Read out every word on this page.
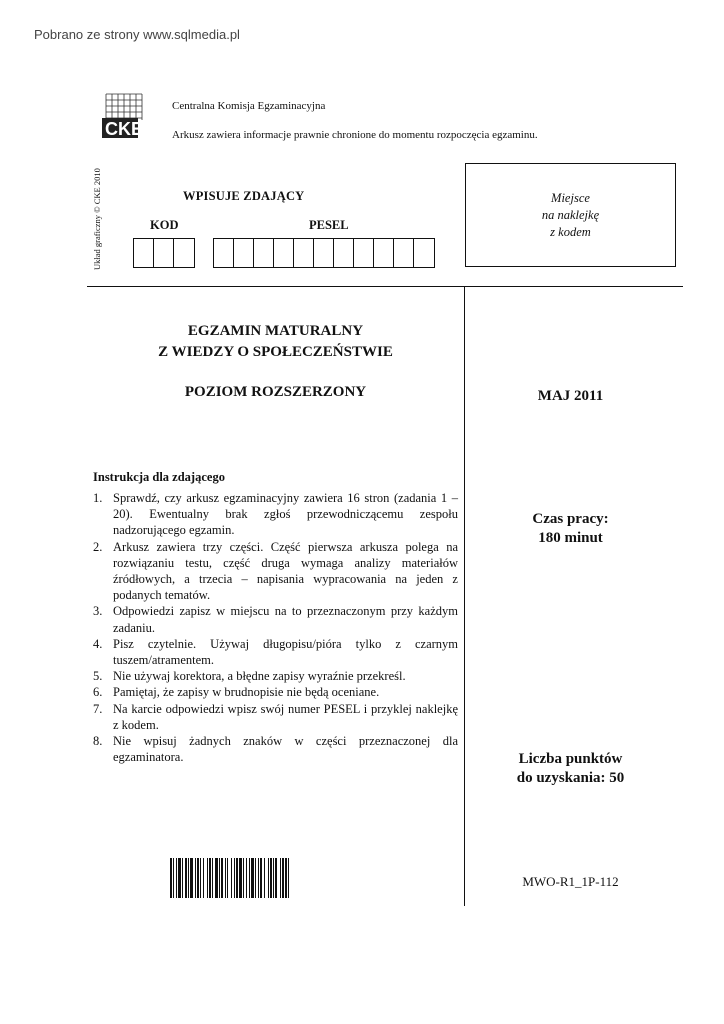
Pobrano ze strony www.sqlmedia.pl
CKE
Centralna Komisja Egzaminacyjna
Arkusz zawiera informacje prawnie chronione do momentu rozpoczęcia egzaminu.
Układ graficzny © CKE 2010	WPISUJE ZDAJĄCY
KOD	PESEL
Miejsce
na naklejkę
z kodem
EGZAMIN MATURALNY
Z WIEDZY O SPOŁECZEŃSTWIE
POZIOM ROZSZERZONY	MAJ 2011
Instrukcja dla zdającego
1. Sprawdź, czy arkusz egzaminacyjny zawiera 16 stron (zadania 1 – 20). Ewentualny brak zgłoś przewodniczącemu zespołu nadzorującego egzamin.
2. Arkusz zawiera trzy części. Część pierwsza arkusza polega na rozwiązaniu testu, część druga wymaga analizy materiałów źródłowych, a trzecia – napisania wypracowania na jeden z podanych tematów.
3. Odpowiedzi zapisz w miejscu na to przeznaczonym przy każdym zadaniu.
4. Pisz czytelnie. Używaj długopisu/pióra tylko z czarnym tuszem/atramentem.
5. Nie używaj korektora, a błędne zapisy wyraźnie przekreśl.
6. Pamiętaj, że zapisy w brudnopisie nie będą oceniane.
7. Na karcie odpowiedzi wpisz swój numer PESEL i przyklej naklejkę z kodem.
8. Nie wpisuj żadnych znaków w części przeznaczonej dla egzaminatora.
Czas pracy:
180 minut
Liczba punktów
do uzyskania: 50
MWO-R1_1P-112
